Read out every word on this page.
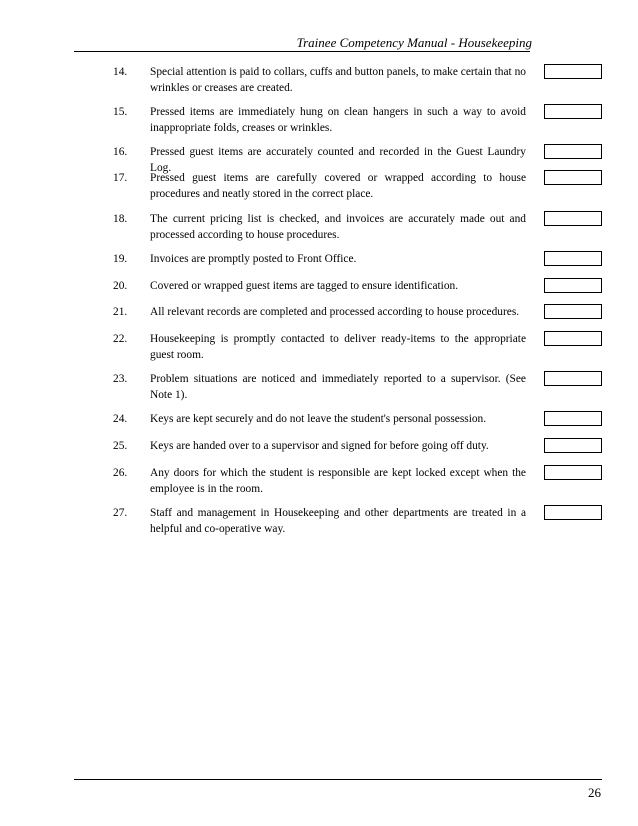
Trainee Competency Manual - Housekeeping
14. Special attention is paid to collars, cuffs and button panels, to make certain that no wrinkles or creases are created.
15. Pressed items are immediately hung on clean hangers in such a way to avoid inappropriate folds, creases or wrinkles.
16. Pressed guest items are accurately counted and recorded in the Guest Laundry Log.
17. Pressed guest items are carefully covered or wrapped according to house procedures and neatly stored in the correct place.
18. The current pricing list is checked, and invoices are accurately made out and processed according to house procedures.
19. Invoices are promptly posted to Front Office.
20. Covered or wrapped guest items are tagged to ensure identification.
21. All relevant records are completed and processed according to house procedures.
22. Housekeeping is promptly contacted to deliver ready-items to the appropriate guest room.
23. Problem situations are noticed and immediately reported to a supervisor. (See Note 1).
24. Keys are kept securely and do not leave the student's personal possession.
25. Keys are handed over to a supervisor and signed for before going off duty.
26. Any doors for which the student is responsible are kept locked except when the employee is in the room.
27. Staff and management in Housekeeping and other departments are treated in a helpful and co-operative way.
26
